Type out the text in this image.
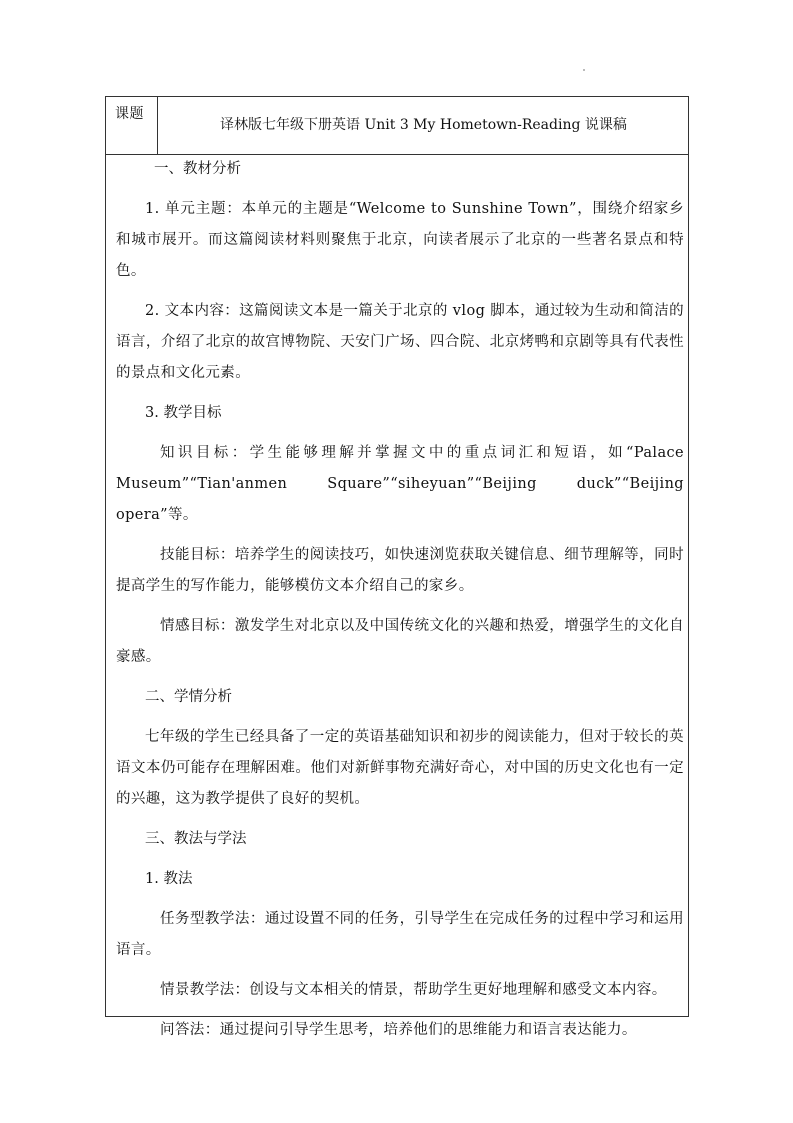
课题
译林版七年级下册英语 Unit 3 My Hometown-Reading 说课稿

一、教材分析

1. 单元主题：本单元的主题是“Welcome to Sunshine Town”，围绕介绍家乡和城市展开。而这篇阅读材料则聚焦于北京，向读者展示了北京的一些著名景点和特色。

2. 文本内容：这篇阅读文本是一篇关于北京的 vlog 脚本，通过较为生动和简洁的语言，介绍了北京的故宫博物院、天安门广场、四合院、北京烤鸭和京剧等具有代表性的景点和文化元素。

3. 教学目标

知识目标：学生能够理解并掌握文中的重点词汇和短语，如“Palace Museum”“Tian'anmen Square”“siheyuan”“Beijing duck”“Beijing opera”等。

技能目标：培养学生的阅读技巧，如快速浏览获取关键信息、细节理解等，同时提高学生的写作能力，能够模仿文本介绍自己的家乡。

情感目标：激发学生对北京以及中国传统文化的兴趣和热爱，增强学生的文化自豪感。

二、学情分析

七年级的学生已经具备了一定的英语基础知识和初步的阅读能力，但对于较长的英语文本仍可能存在理解困难。他们对新鲜事物充满好奇心，对中国的历史文化也有一定的兴趣，这为教学提供了良好的契机。

三、教法与学法

1. 教法

任务型教学法：通过设置不同的任务，引导学生在完成任务的过程中学习和运用语言。

情景教学法：创设与文本相关的情景，帮助学生更好地理解和感受文本内容。

问答法：通过提问引导学生思考，培养他们的思维能力和语言表达能力。
